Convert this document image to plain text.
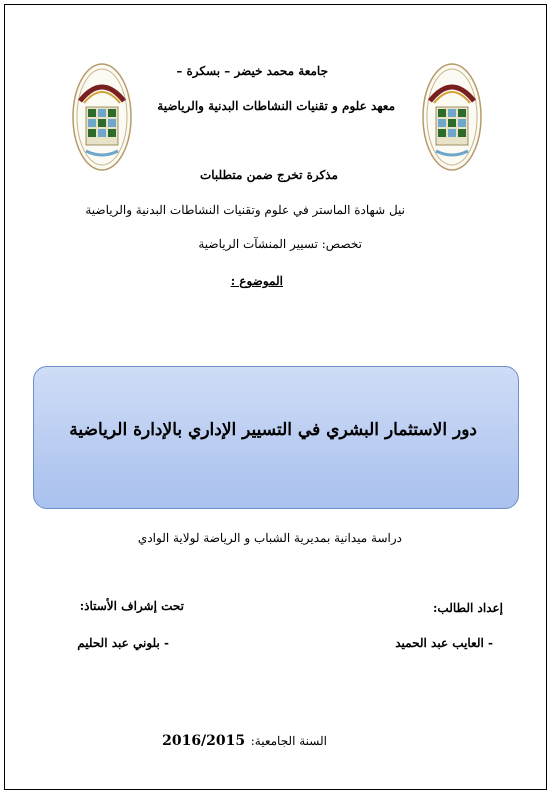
جامعة محمد خيضر – بسكرة –
معهد علوم و تقنيات النشاطات البدنية والرياضية
مذكرة تخرج ضمن متطلبات
نيل شهادة الماستر في علوم وتقنيات النشاطات البدنية والرياضية
تخصص: تسيير المنشآت الرياضية
الموضوع :
دور الاستثمار البشري في التسيير الإداري بالإدارة الرياضية
دراسة ميدانية بمديرية الشباب و الرياضة لولاية الوادي
إعداد الطالب:
تحت إشراف الأستاذ:
- العايب عبد الحميد
- بلوني عبد الحليم
السنة الجامعية: 2016/2015
